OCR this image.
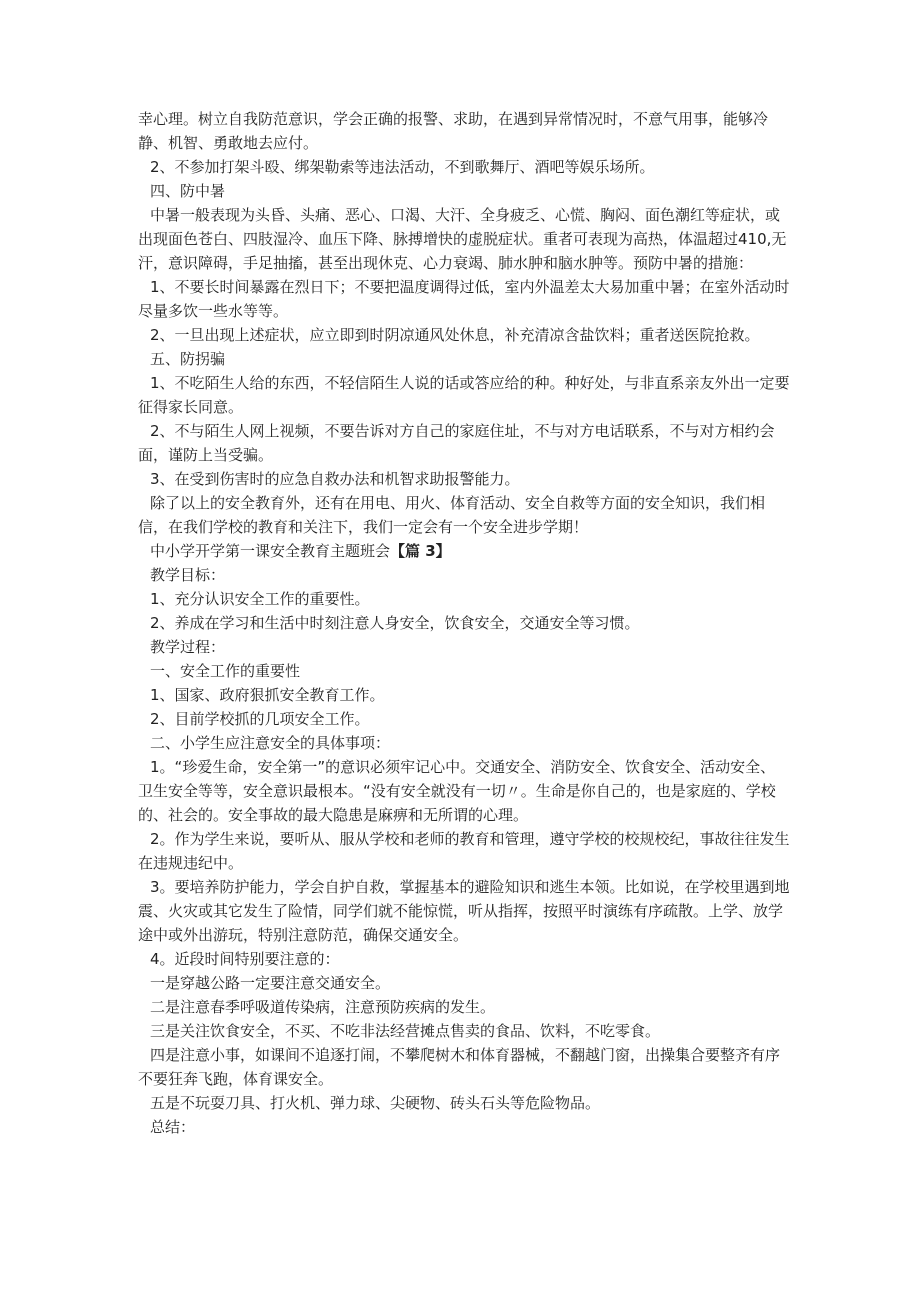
幸心理。树立自我防范意识，学会正确的报警、求助，在遇到异常情况时，不意气用事，能够冷静、机智、勇敢地去应付。

2、不参加打架斗殴、绑架勒索等违法活动，不到歌舞厅、酒吧等娱乐场所。

四、防中暑

中暑一般表现为头昏、头痛、恶心、口渴、大汗、全身疲乏、心慌、胸闷、面色潮红等症状，或出现面色苍白、四肢湿冷、血压下降、脉搏增快的虚脱症状。重者可表现为高热，体温超过410,无汗，意识障碍，手足抽搐，甚至出现休克、心力衰竭、肺水肿和脑水肿等。预防中暑的措施：

1、不要长时间暴露在烈日下；不要把温度调得过低，室内外温差太大易加重中暑；在室外活动时尽量多饮一些水等等。

2、一旦出现上述症状，应立即到时阴凉通风处休息，补充清凉含盐饮料；重者送医院抢救。

五、防拐骗

1、不吃陌生人给的东西，不轻信陌生人说的话或答应给的种。种好处，与非直系亲友外出一定要征得家长同意。

2、不与陌生人网上视频，不要告诉对方自己的家庭住址，不与对方电话联系，不与对方相约会面，谨防上当受骗。

3、在受到伤害时的应急自救办法和机智求助报警能力。

除了以上的安全教育外，还有在用电、用火、体育活动、安全自救等方面的安全知识，我们相信，在我们学校的教育和关注下，我们一定会有一个安全进步学期！

中小学开学第一课安全教育主题班会【篇 3】

教学目标：

1、充分认识安全工作的重要性。

2、养成在学习和生活中时刻注意人身安全，饮食安全，交通安全等习惯。

教学过程：

一、安全工作的重要性

1、国家、政府狠抓安全教育工作。

2、目前学校抓的几项安全工作。

二、小学生应注意安全的具体事项：

1。“珍爱生命，安全第一”的意识必须牢记心中。交通安全、消防安全、饮食安全、活动安全、卫生安全等等，安全意识最根本。“没有安全就没有一切〃。生命是你自己的，也是家庭的、学校的、社会的。安全事故的最大隐患是麻痹和无所谓的心理。

2。作为学生来说，要听从、服从学校和老师的教育和管理，遵守学校的校规校纪，事故往往发生在违规违纪中。

3。要培养防护能力，学会自护自救，掌握基本的避险知识和逃生本领。比如说，在学校里遇到地震、火灾或其它发生了险情，同学们就不能惊慌，听从指挥，按照平时演练有序疏散。上学、放学途中或外出游玩，特别注意防范，确保交通安全。

4。近段时间特别要注意的：

一是穿越公路一定要注意交通安全。

二是注意春季呼吸道传染病，注意预防疾病的发生。

三是关注饮食安全，不买、不吃非法经营摊点售卖的食品、饮料，不吃零食。

四是注意小事，如课间不追逐打闹，不攀爬树木和体育器械，不翻越门窗，出操集合要整齐有序不要狂奔飞跑，体育课安全。

五是不玩耍刀具、打火机、弹力球、尖硬物、砖头石头等危险物品。

总结：
